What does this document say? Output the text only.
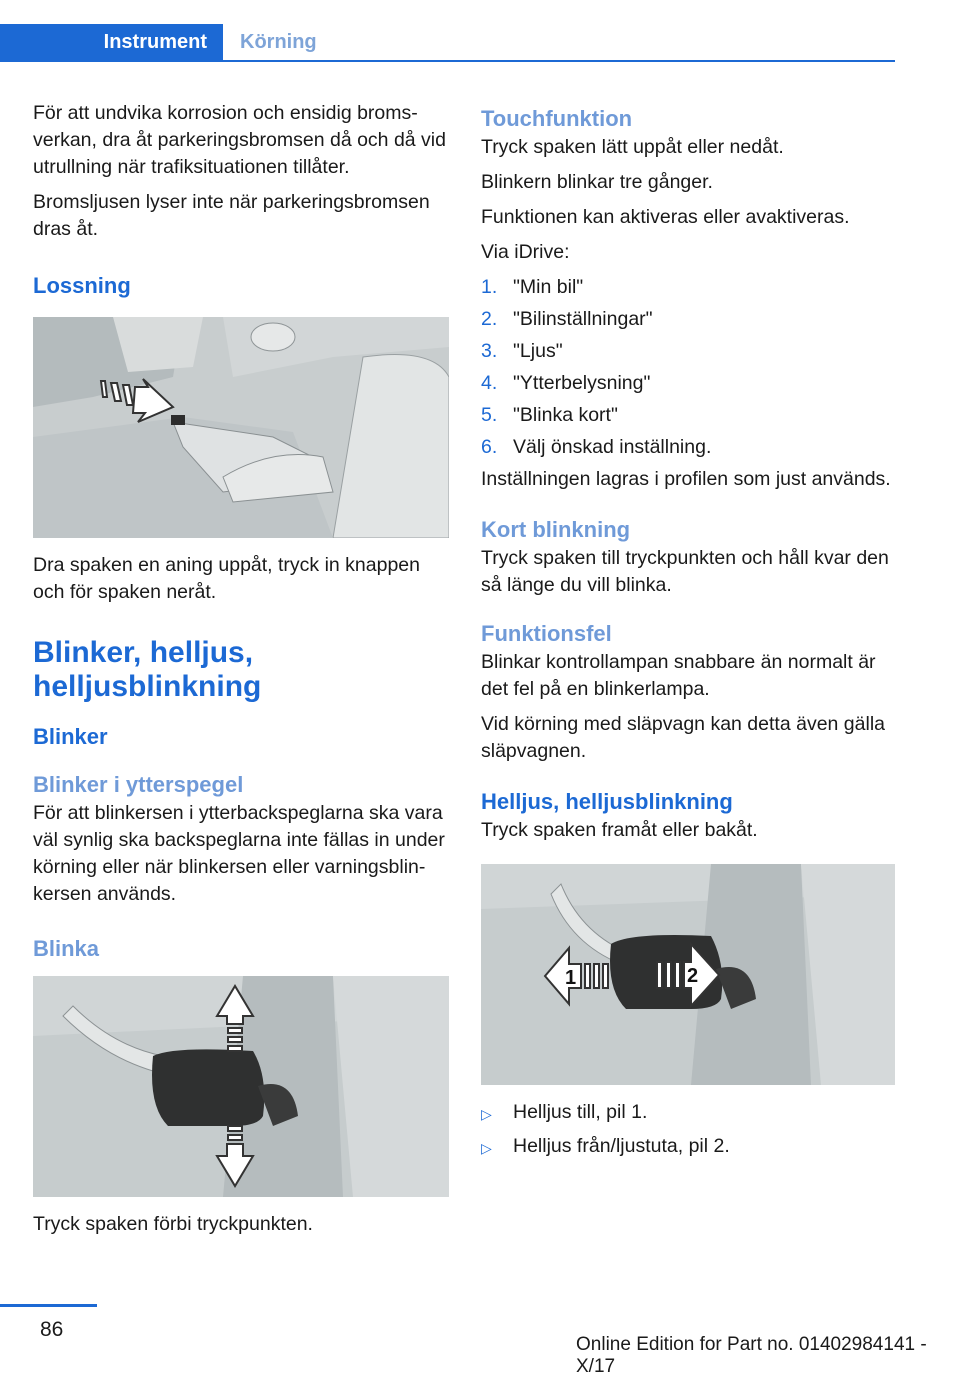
Instrument	Körning

För att undvika korrosion och ensidig bromsverkan, dra åt parkeringsbromsen då och då vid utrullning när trafiksituationen tillåter.

Bromsljusen lyser inte när parkeringsbromsen dras åt.

Lossning

Dra spaken en aning uppåt, tryck in knappen och för spaken neråt.

Blinker, helljus, helljusblinkning
Blinker
Blinker i ytterspegel

För att blinkersen i ytterbackspeglarna ska vara väl synlig ska backspeglarna inte fällas in under körning eller när blinkersen eller varningsblinkersen används.

Blinka

Tryck spaken förbi tryckpunkten.

Touchfunktion

Tryck spaken lätt uppåt eller nedåt.

Blinkern blinkar tre gånger.

Funktionen kan aktiveras eller avaktiveras.

Via iDrive:

1. "Min bil"
2. "Bilinställningar"
3. "Ljus"
4. "Ytterbelysning"
5. "Blinka kort"
6. Välj önskad inställning.

Inställningen lagras i profilen som just används.

Kort blinkning

Tryck spaken till tryckpunkten och håll kvar den så länge du vill blinka.

Funktionsfel

Blinkar kontrollampan snabbare än normalt är det fel på en blinkerlampa.

Vid körning med släpvagn kan detta även gälla släpvagnen.

Helljus, helljusblinkning

Tryck spaken framåt eller bakåt.

1	2
▷	Helljus till, pil 1.
▷	Helljus från/ljustuta, pil 2.
86
Online Edition for Part no. 01402984141 - X/17
